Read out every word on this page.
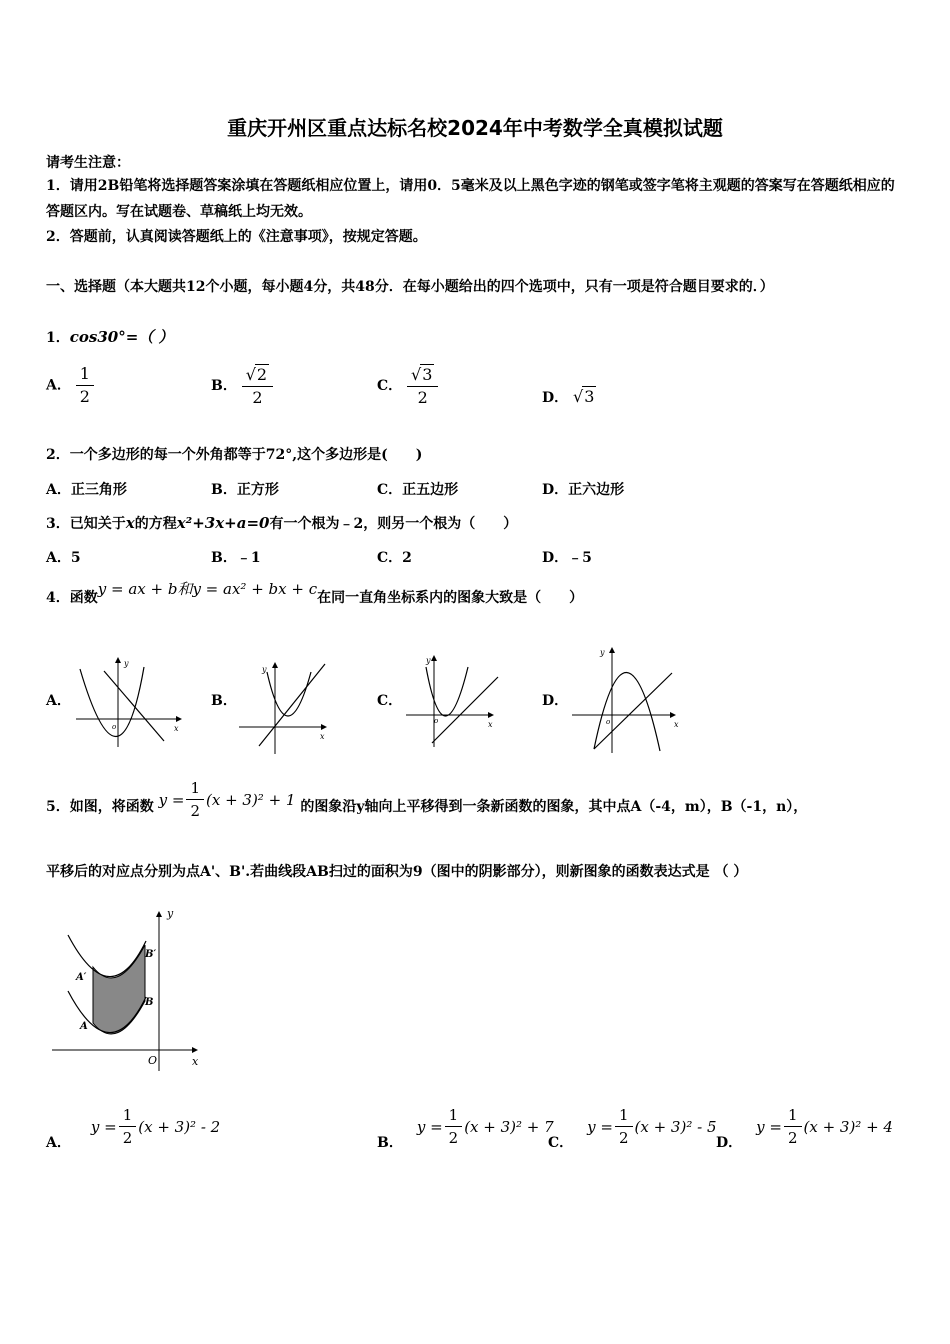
重庆开州区重点达标名校2024年中考数学全真模拟试题
请考生注意：
1．请用2B铅笔将选择题答案涂填在答题纸相应位置上，请用0．5毫米及以上黑色字迹的钢笔或签字笔将主观题的答案写在答题纸相应的答题区内。写在试题卷、草稿纸上均无效。
2．答题前，认真阅读答题纸上的《注意事项》，按规定答题。
一、选择题（本大题共12个小题，每小题4分，共48分．在每小题给出的四个选项中，只有一项是符合题目要求的．）
1．cos30°=（ ）
A． $\frac{1}{2}$	B． $\frac{√2}{2}$	C． $\frac{√3}{2}$	D． √3
2．一个多边形的每一个外角都等于72°,这个多边形是(　　)
A．正三角形	B．正方形	C．正五边形	D．正六边形
3．已知关于x的方程x²+3x+a=0有一个根为﹣2，则另一个根为（　　）
A．5	B．﹣1	C．2	D．﹣5
4．函数y = ax + b和y = ax² + bx + c在同一直角坐标系内的图象大致是（　　）
A．	B．	C．	D．
y
x
o
y
x
y
x
o
y
x
o
5．如图，将函数 $y = \frac{1}{2} (x + 3)^2 + 1$ 的图象沿y轴向上平移得到一条新函数的图象，其中点A（-4，m），B（-1，n），
平移后的对应点分别为点A'、B'.若曲线段AB扫过的面积为9（图中的阴影部分），则新图象的函数表达式是 （ ）
y
x
O
A′
A
B′
B
A．
$y = \frac{1}{2} (x + 3)^2 - 2$
B．
$y = \frac{1}{2} (x + 3)^2 + 7$
C．
$y = \frac{1}{2} (x + 3)^2 - 5$
D．
$y = \frac{1}{2} (x + 3)^2 + 4$
